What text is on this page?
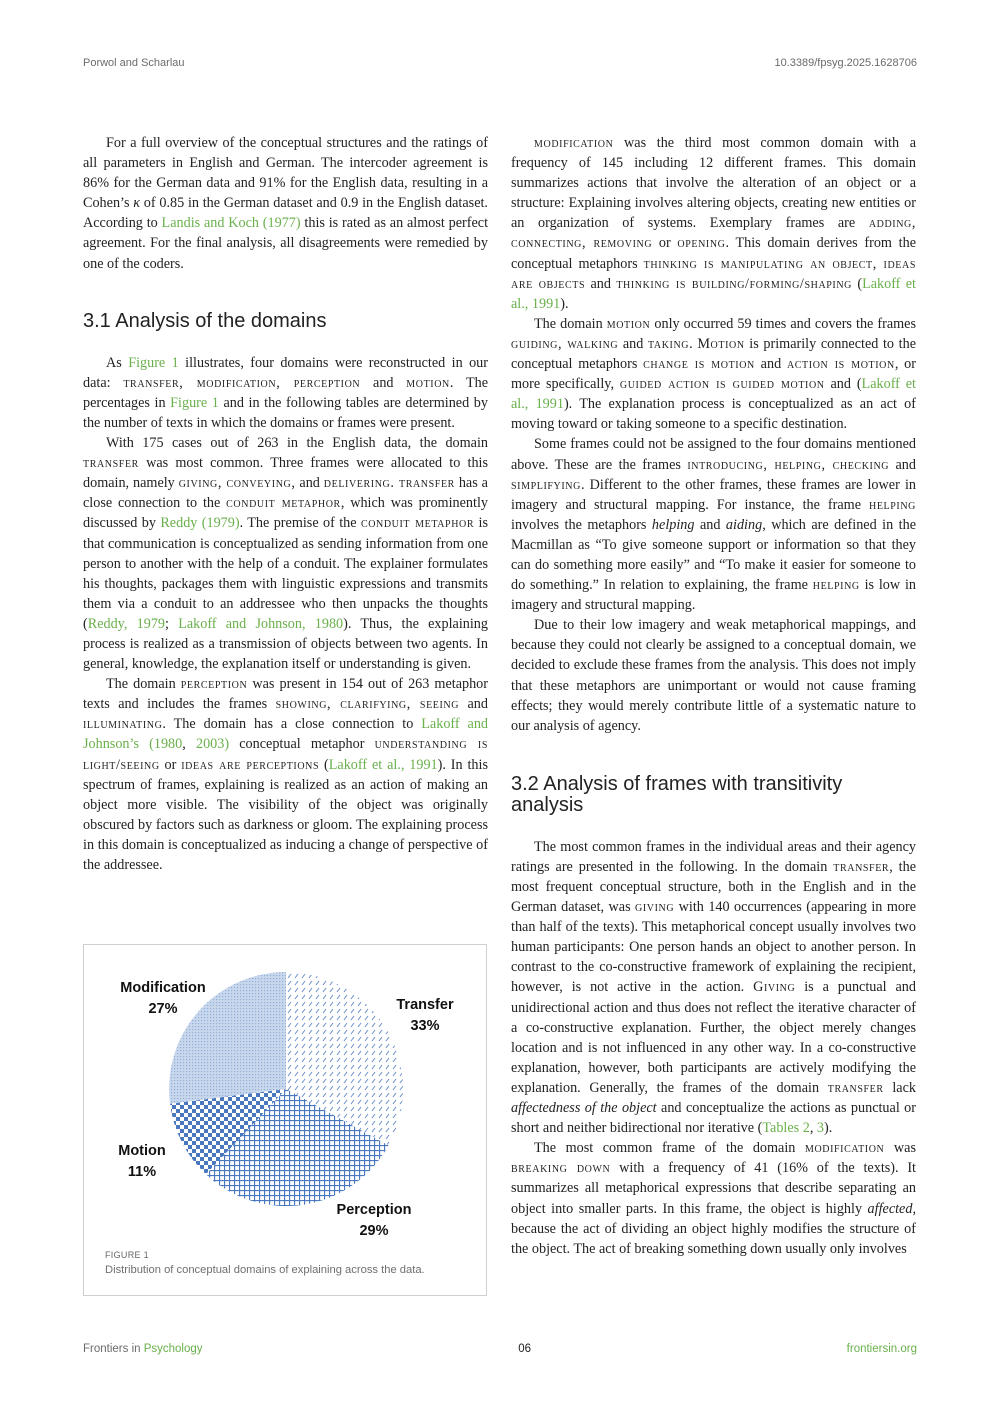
Porwol and Scharlau	10.3389/fpsyg.2025.1628706

For a full overview of the conceptual structures and the ratings of all parameters in English and German. The intercoder agreement is 86% for the German data and 91% for the English data, resulting in a Cohen’s κ of 0.85 in the German dataset and 0.9 in the English dataset. According to Landis and Koch (1977) this is rated as an almost perfect agreement. For the final analysis, all disagreements were remedied by one of the coders.

3.1 Analysis of the domains

As Figure 1 illustrates, four domains were reconstructed in our data: transfer, modification, perception and motion. The percentages in Figure 1 and in the following tables are determined by the number of texts in which the domains or frames were present.

With 175 cases out of 263 in the English data, the domain transfer was most common. Three frames were allocated to this domain, namely giving, conveying, and delivering. transfer has a close connection to the conduit metaphor, which was prominently discussed by Reddy (1979). The premise of the conduit metaphor is that communication is conceptualized as sending information from one person to another with the help of a conduit. The explainer formulates his thoughts, packages them with linguistic expressions and transmits them via a conduit to an addressee who then unpacks the thoughts (Reddy, 1979; Lakoff and Johnson, 1980). Thus, the explaining process is realized as a transmission of objects between two agents. In general, knowledge, the explanation itself or understanding is given.

The domain perception was present in 154 out of 263 metaphor texts and includes the frames showing, clarifying, seeing and illuminating. The domain has a close connection to Lakoff and Johnson’s (1980, 2003) conceptual metaphor understanding is light/seeing or ideas are perceptions (Lakoff et al., 1991). In this spectrum of frames, explaining is realized as an action of making an object more visible. The visibility of the object was originally obscured by factors such as darkness or gloom. The explaining process in this domain is conceptualized as inducing a change of perspective of the addressee.

Modification
27%	Transfer
33%
Motion
11%
Perception
29%
FIGURE 1
Distribution of conceptual domains of explaining across the data.

modification was the third most common domain with a frequency of 145 including 12 different frames. This domain summarizes actions that involve the alteration of an object or a structure: Explaining involves altering objects, creating new entities or an organization of systems. Exemplary frames are adding, connecting, removing or opening. This domain derives from the conceptual metaphors thinking is manipulating an object, ideas are objects and thinking is building/forming/shaping (Lakoff et al., 1991).

The domain motion only occurred 59 times and covers the frames guiding, walking and taking. Motion is primarily connected to the conceptual metaphors change is motion and action is motion, or more specifically, guided action is guided motion and (Lakoff et al., 1991). The explanation process is conceptualized as an act of moving toward or taking someone to a specific destination.

Some frames could not be assigned to the four domains mentioned above. These are the frames introducing, helping, checking and simplifying. Different to the other frames, these frames are lower in imagery and structural mapping. For instance, the frame helping involves the metaphors helping and aiding, which are defined in the Macmillan as “To give someone support or information so that they can do something more easily” and “To make it easier for someone to do something.” In relation to explaining, the frame helping is low in imagery and structural mapping.

Due to their low imagery and weak metaphorical mappings, and because they could not clearly be assigned to a conceptual domain, we decided to exclude these frames from the analysis. This does not imply that these metaphors are unimportant or would not cause framing effects; they would merely contribute little of a systematic nature to our analysis of agency.

3.2 Analysis of frames with transitivity analysis

The most common frames in the individual areas and their agency ratings are presented in the following. In the domain transfer, the most frequent conceptual structure, both in the English and in the German dataset, was giving with 140 occurrences (appearing in more than half of the texts). This metaphorical concept usually involves two human participants: One person hands an object to another person. In contrast to the co-constructive framework of explaining the recipient, however, is not active in the action. Giving is a punctual and unidirectional action and thus does not reflect the iterative character of a co-constructive explanation. Further, the object merely changes location and is not influenced in any other way. In a co-constructive explanation, however, both participants are actively modifying the explanation. Generally, the frames of the domain transfer lack affectedness of the object and conceptualize the actions as punctual or short and neither bidirectional nor iterative (Tables 2, 3).

The most common frame of the domain modification was breaking down with a frequency of 41 (16% of the texts). It summarizes all metaphorical expressions that describe separating an object into smaller parts. In this frame, the object is highly affected, because the act of dividing an object highly modifies the structure of the object. The act of breaking something down usually only involves

Frontiers in Psychology	06	frontiersin.org
